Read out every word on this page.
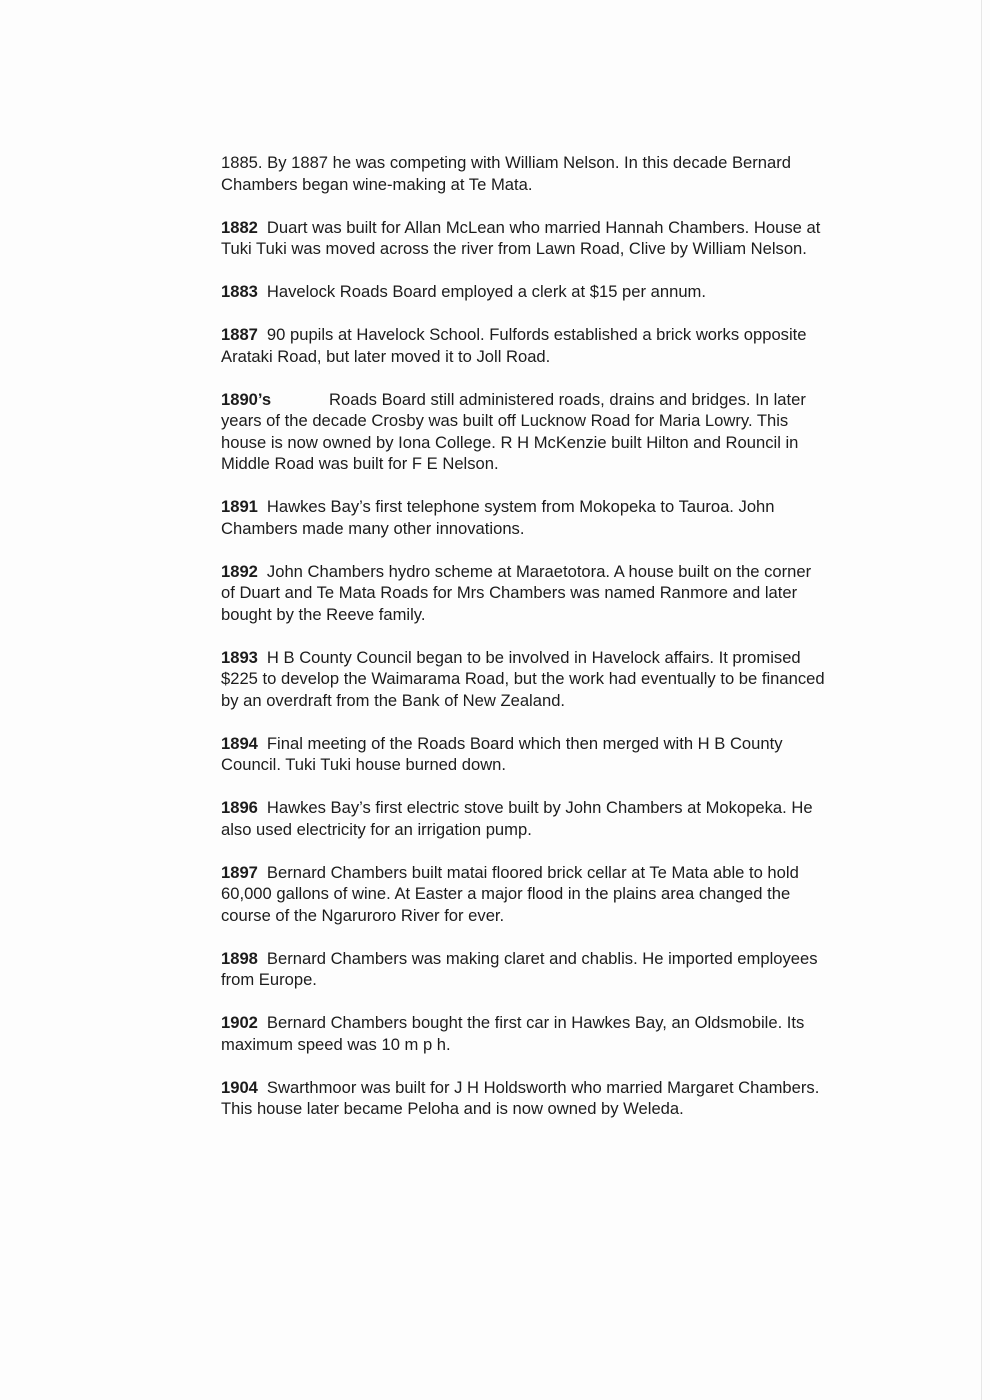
1885. By 1887 he was competing with William Nelson. In this decade Bernard Chambers began wine-making at Te Mata.

1882 Duart was built for Allan McLean who married Hannah Chambers. House at Tuki Tuki was moved across the river from Lawn Road, Clive by William Nelson.

1883 Havelock Roads Board employed a clerk at $15 per annum.

1887 90 pupils at Havelock School. Fulfords established a brick works opposite Arataki Road, but later moved it to Joll Road.

1890’s	Roads Board still administered roads, drains and bridges. In later years of the decade Crosby was built off Lucknow Road for Maria Lowry. This house is now owned by Iona College. R H McKenzie built Hilton and Rouncil in Middle Road was built for F E Nelson.

1891 Hawkes Bay’s first telephone system from Mokopeka to Tauroa. John Chambers made many other innovations.

1892 John Chambers hydro scheme at Maraetotora. A house built on the corner of Duart and Te Mata Roads for Mrs Chambers was named Ranmore and later bought by the Reeve family.

1893 H B County Council began to be involved in Havelock affairs. It promised $225 to develop the Waimarama Road, but the work had eventually to be financed by an overdraft from the Bank of New Zealand.

1894 Final meeting of the Roads Board which then merged with H B County Council. Tuki Tuki house burned down.

1896 Hawkes Bay’s first electric stove built by John Chambers at Mokopeka. He also used electricity for an irrigation pump.

1897 Bernard Chambers built matai floored brick cellar at Te Mata able to hold 60,000 gallons of wine. At Easter a major flood in the plains area changed the course of the Ngaruroro River for ever.

1898 Bernard Chambers was making claret and chablis. He imported employees from Europe.

1902 Bernard Chambers bought the first car in Hawkes Bay, an Oldsmobile. Its maximum speed was 10 m p h.

1904 Swarthmoor was built for J H Holdsworth who married Margaret Chambers. This house later became Peloha and is now owned by Weleda.
